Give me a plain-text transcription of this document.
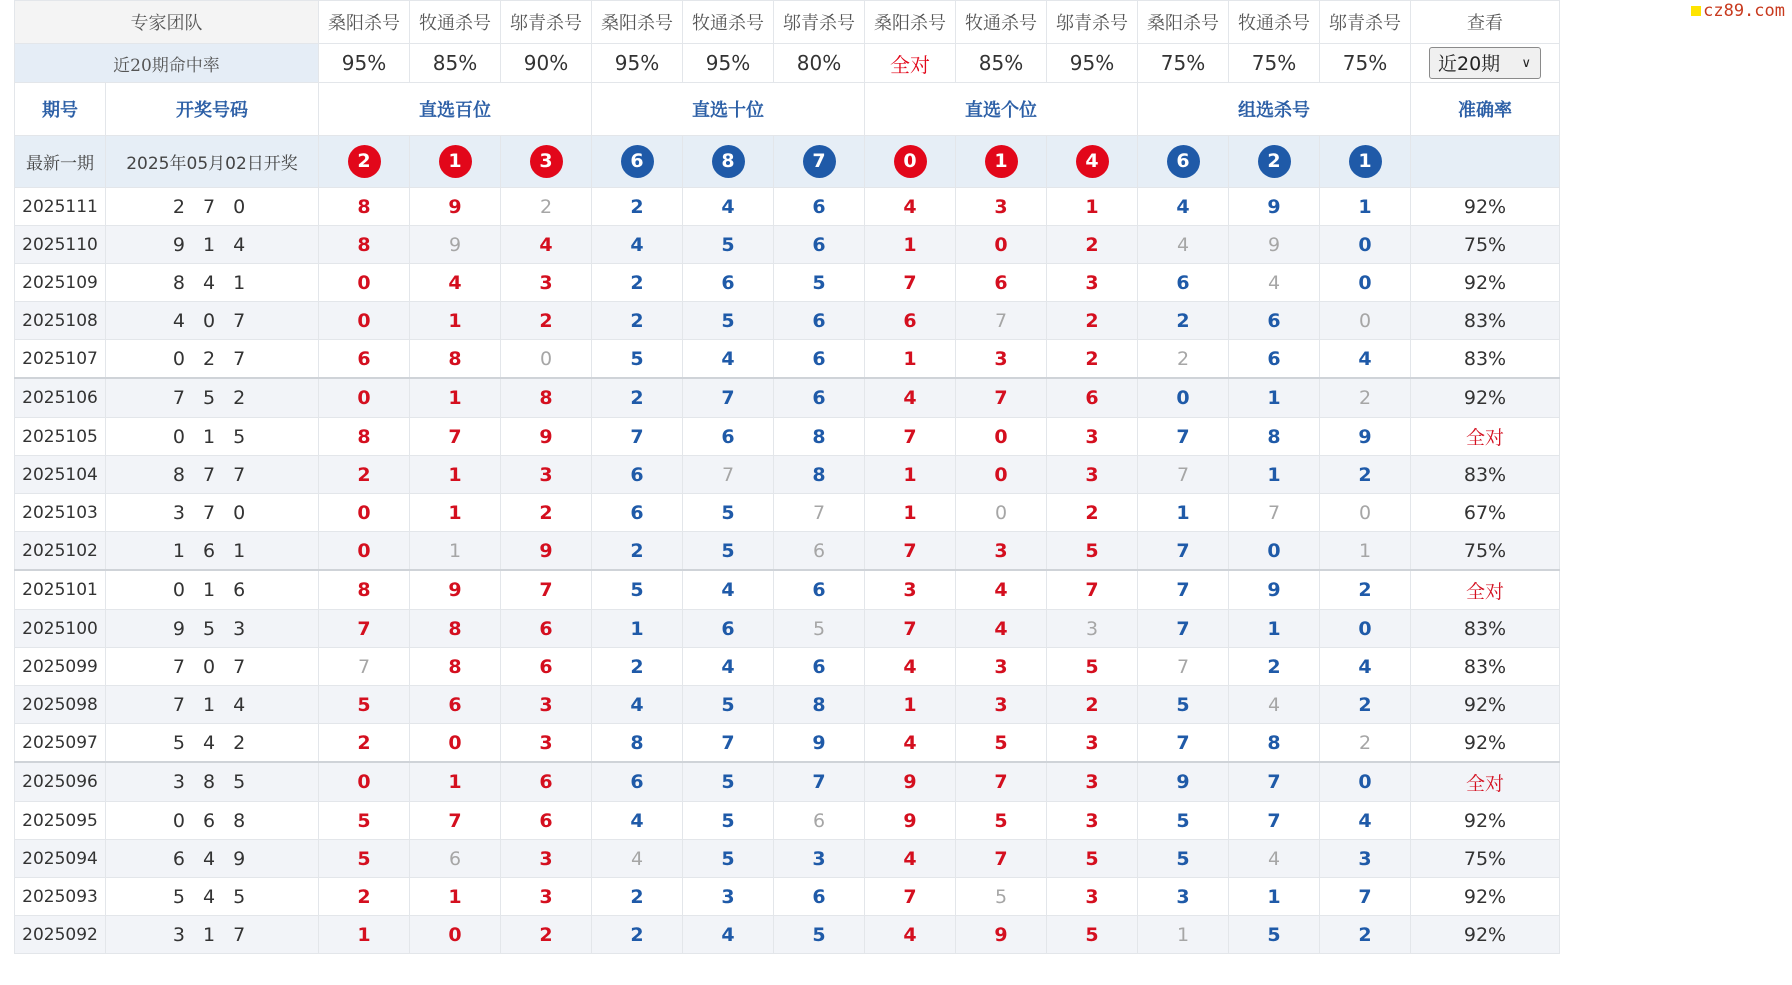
专家团队		桑阳杀号	牧通杀号	邬青杀号	桑阳杀号	牧通杀号	邬青杀号	桑阳杀号	牧通杀号	邬青杀号	桑阳杀号	牧通杀号	邬青杀号	查看
近20期命中率		95%	85%	90%	95%	95%	80%	全对	85%	95%	75%	75%	75%	近20期 ∨

期号	开奖号码	直选百位			直选十位			直选个位			组选杀号			准确率
最新一期	2025年05月02日开奖	2	1	3	6	8	7	0	1	4	6	2	1	
2025111	2 7 0	8	9	2	2	4	6	4	3	1	4	9	1	92%
2025110	9 1 4	8	9	4	4	5	6	1	0	2	4	9	0	75%
2025109	8 4 1	0	4	3	2	6	5	7	6	3	6	4	0	92%
2025108	4 0 7	0	1	2	2	5	6	6	7	2	2	6	0	83%
2025107	0 2 7	6	8	0	5	4	6	1	3	2	2	6	4	83%
2025106	7 5 2	0	1	8	2	7	6	4	7	6	0	1	2	92%
2025105	0 1 5	8	7	9	7	6	8	7	0	3	7	8	9	全对
2025104	8 7 7	2	1	3	6	7	8	1	0	3	7	1	2	83%
2025103	3 7 0	0	1	2	6	5	7	1	0	2	1	7	0	67%
2025102	1 6 1	0	1	9	2	5	6	7	3	5	7	0	1	75%
2025101	0 1 6	8	9	7	5	4	6	3	4	7	7	9	2	全对
2025100	9 5 3	7	8	6	1	6	5	7	4	3	7	1	0	83%
2025099	7 0 7	7	8	6	2	4	6	4	3	5	7	2	4	83%
2025098	7 1 4	5	6	3	4	5	8	1	3	2	5	4	2	92%
2025097	5 4 2	2	0	3	8	7	9	4	5	3	7	8	2	92%
2025096	3 8 5	0	1	6	6	5	7	9	7	3	9	7	0	全对
2025095	0 6 8	5	7	6	4	5	6	9	5	3	5	7	4	92%
2025094	6 4 9	5	6	3	4	5	3	4	7	5	5	4	3	75%
2025093	5 4 5	2	1	3	2	3	6	7	5	3	3	1	7	92%
2025092	3 1 7	1	0	2	2	4	5	4	9	5	1	5	2	92%
cz89.com
